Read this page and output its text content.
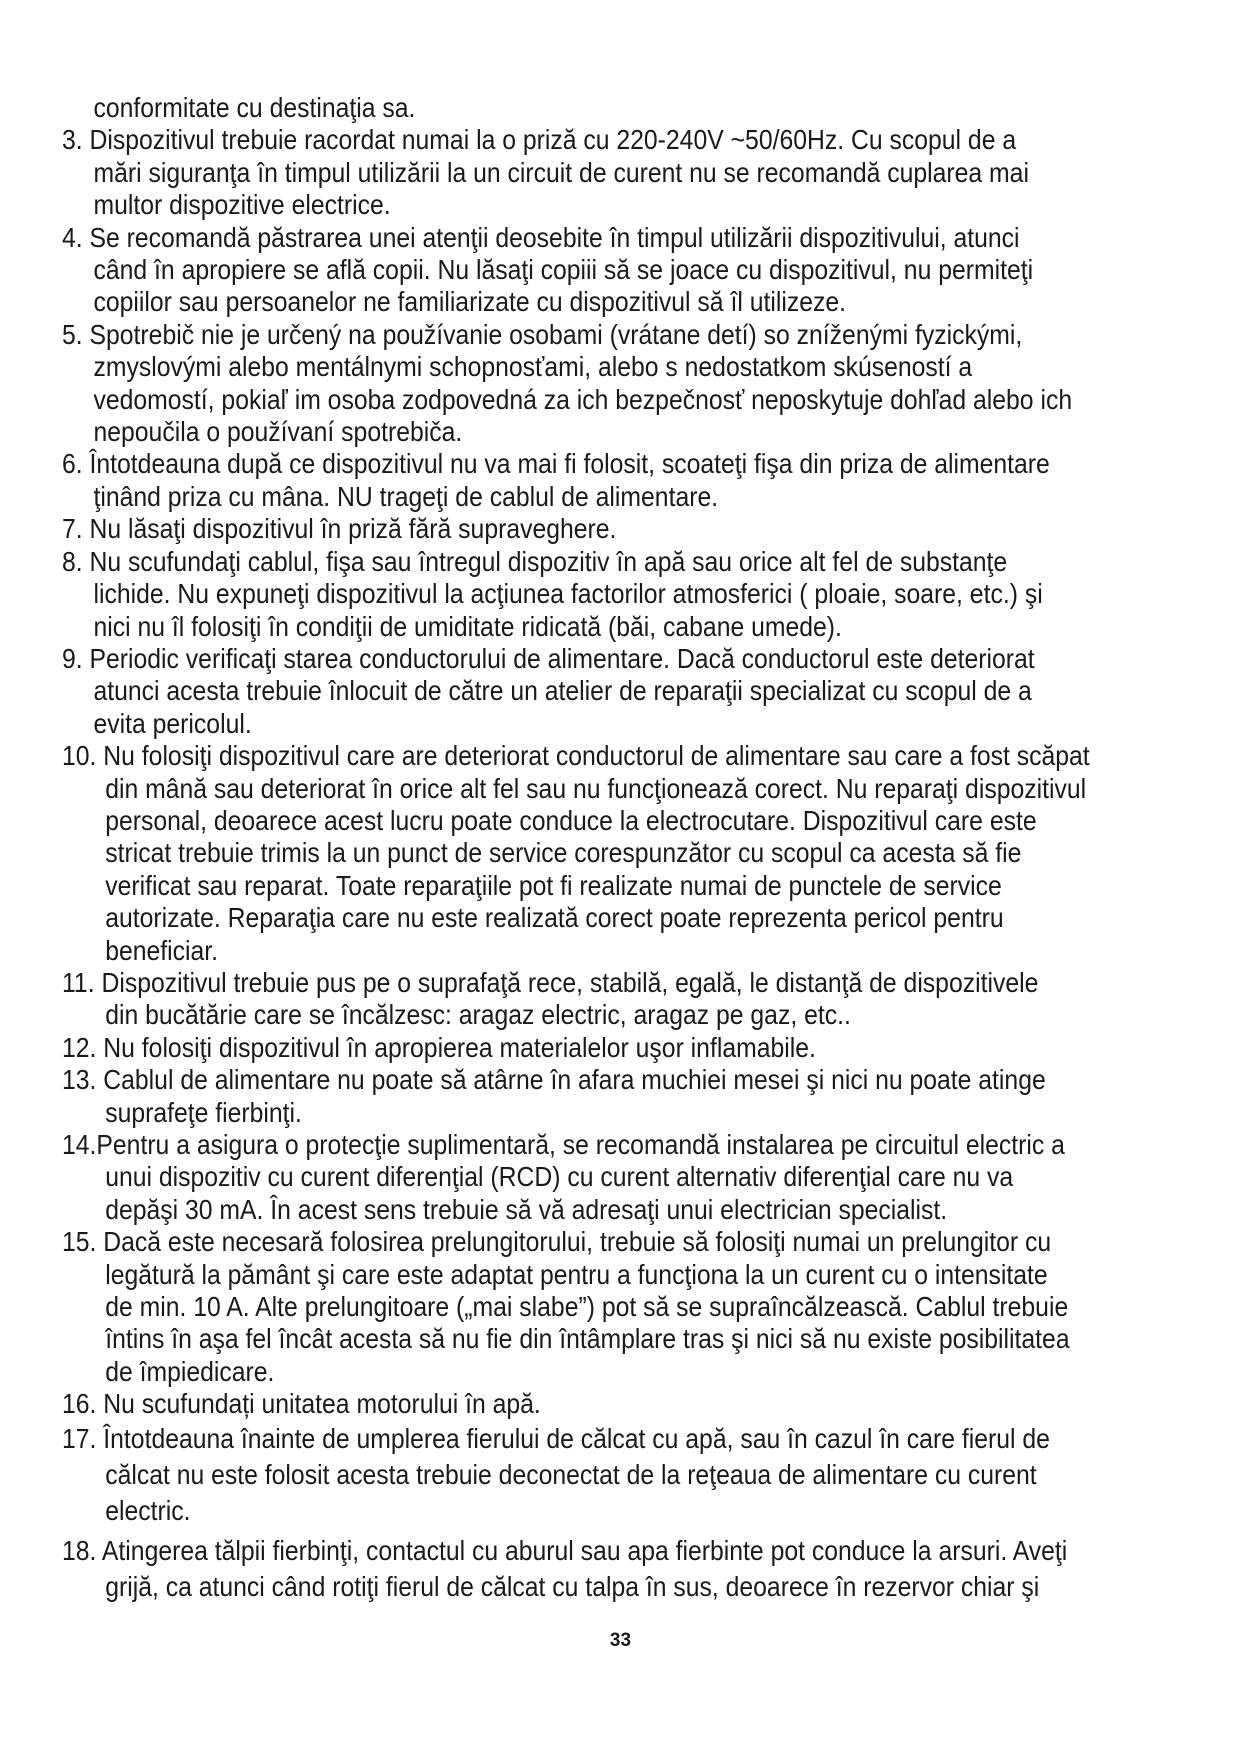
conformitate cu destinaţia sa.
3. Dispozitivul trebuie racordat numai la o priză cu 220-240V ~50/60Hz. Cu scopul de a
mări siguranţa în timpul utilizării la un circuit de curent nu se recomandă cuplarea mai
multor dispozitive electrice.
4. Se recomandă păstrarea unei atenţii deosebite în timpul utilizării dispozitivului, atunci
când în apropiere se află copii. Nu lăsaţi copiii să se joace cu dispozitivul, nu permiteţi
copiilor sau persoanelor ne familiarizate cu dispozitivul să îl utilizeze.
5. Spotrebič nie je určený na používanie osobami (vrátane detí) so zníženými fyzickými,
zmyslovými alebo mentálnymi schopnosťami, alebo s nedostatkom skúseností a
vedomostí, pokiaľ im osoba zodpovedná za ich bezpečnosť neposkytuje dohľad alebo ich
nepoučila o používaní spotrebiča.
6. Întotdeauna după ce dispozitivul nu va mai fi folosit, scoateţi fişa din priza de alimentare
ţinând priza cu mâna. NU trageţi de cablul de alimentare.
7. Nu lăsaţi dispozitivul în priză fără supraveghere.
8. Nu scufundaţi cablul, fişa sau întregul dispozitiv în apă sau orice alt fel de substanţe
lichide. Nu expuneţi dispozitivul la acţiunea factorilor atmosferici ( ploaie, soare, etc.) şi
nici nu îl folosiţi în condiţii de umiditate ridicată (băi, cabane umede).
9. Periodic verificaţi starea conductorului de alimentare. Dacă conductorul este deteriorat
atunci acesta trebuie înlocuit de către un atelier de reparaţii specializat cu scopul de a
evita pericolul.
10. Nu folosiţi dispozitivul care are deteriorat conductorul de alimentare sau care a fost scăpat
din mână sau deteriorat în orice alt fel sau nu funcţionează corect. Nu reparaţi dispozitivul
personal, deoarece acest lucru poate conduce la electrocutare. Dispozitivul care este
stricat trebuie trimis la un punct de service corespunzător cu scopul ca acesta să fie
verificat sau reparat. Toate reparaţiile pot fi realizate numai de punctele de service
autorizate. Reparaţia care nu este realizată corect poate reprezenta pericol pentru
beneficiar.
11. Dispozitivul trebuie pus pe o suprafaţă rece, stabilă, egală, le distanţă de dispozitivele
din bucătărie care se încălzesc: aragaz electric, aragaz pe gaz, etc..
12. Nu folosiţi dispozitivul în apropierea materialelor uşor inflamabile.
13. Cablul de alimentare nu poate să atârne în afara muchiei mesei şi nici nu poate atinge
suprafeţe fierbinţi.
14.Pentru a asigura o protecţie suplimentară, se recomandă instalarea pe circuitul electric a
unui dispozitiv cu curent diferenţial (RCD) cu curent alternativ diferenţial care nu va
depăşi 30 mA. În acest sens trebuie să vă adresaţi unui electrician specialist.
15. Dacă este necesară folosirea prelungitorului, trebuie să folosiţi numai un prelungitor cu
legătură la pământ şi care este adaptat pentru a funcţiona la un curent cu o intensitate
de min. 10 A. Alte prelungitoare („mai slabe”) pot să se supraîncălzească. Cablul trebuie
întins în aşa fel încât acesta să nu fie din întâmplare tras şi nici să nu existe posibilitatea
de împiedicare.
16. Nu scufundați unitatea motorului în apă.
17. Întotdeauna înainte de umplerea fierului de călcat cu apă, sau în cazul în care fierul de
călcat nu este folosit acesta trebuie deconectat de la reţeaua de alimentare cu curent
electric.
18. Atingerea tălpii fierbinţi, contactul cu aburul sau apa fierbinte pot conduce la arsuri. Aveţi
grijă, ca atunci când rotiţi fierul de călcat cu talpa în sus, deoarece în rezervor chiar şi
33
